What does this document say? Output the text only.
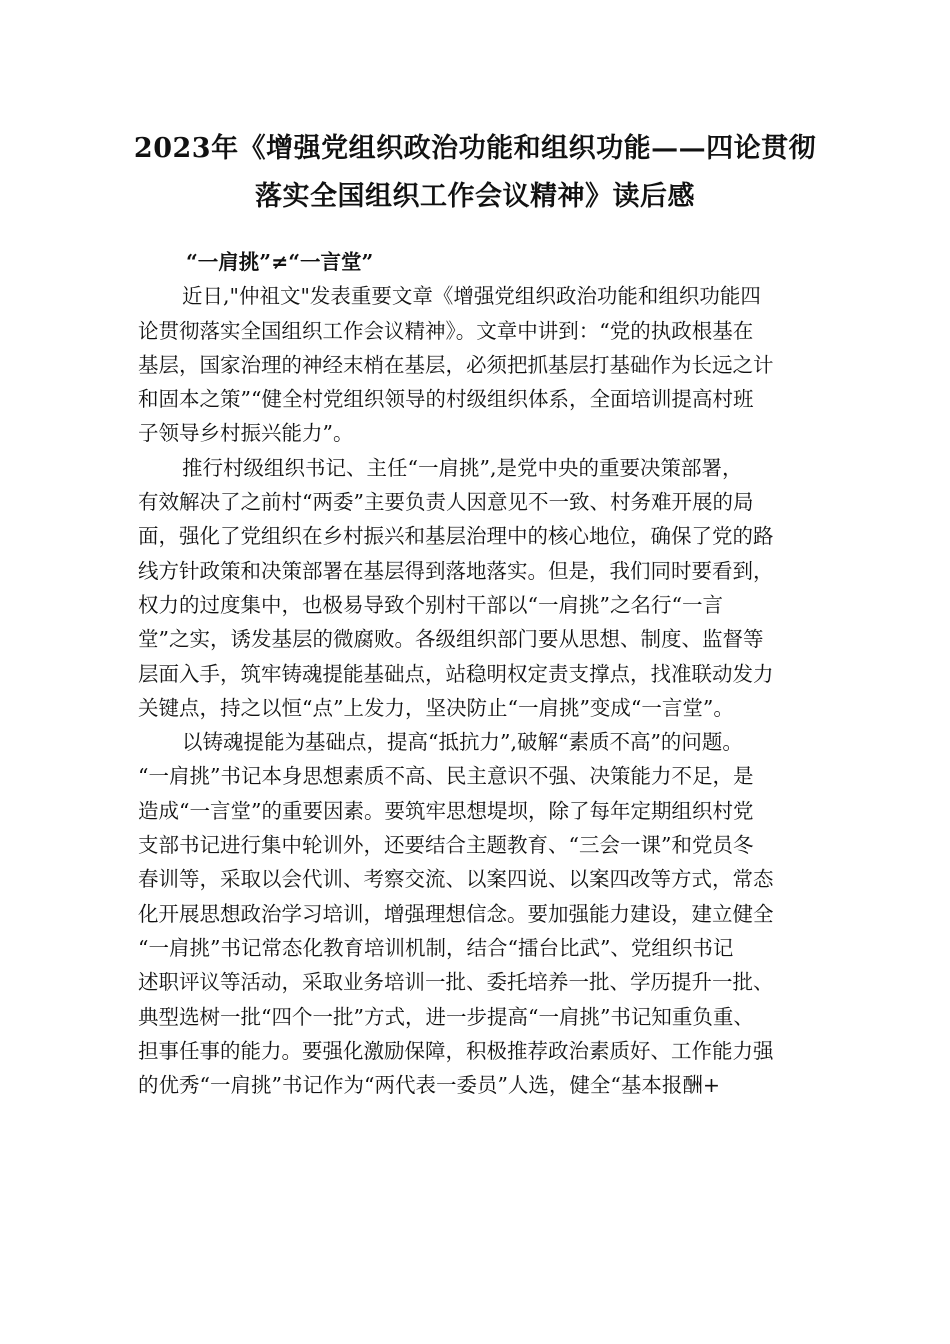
2023年《增强党组织政治功能和组织功能——四论贯彻
落实全国组织工作会议精神》读后感
“一肩挑”≠“一言堂”
近日,"仲祖文"发表重要文章《增强党组织政治功能和组织功能四
论贯彻落实全国组织工作会议精神》。文章中讲到：“党的执政根基在
基层，国家治理的神经末梢在基层，必须把抓基层打基础作为长远之计
和固本之策”“健全村党组织领导的村级组织体系，全面培训提高村班
子领导乡村振兴能力”。
推行村级组织书记、主任“一肩挑”,是党中央的重要决策部署，
有效解决了之前村“两委”主要负责人因意见不一致、村务难开展的局
面，强化了党组织在乡村振兴和基层治理中的核心地位，确保了党的路
线方针政策和决策部署在基层得到落地落实。但是，我们同时要看到，
权力的过度集中，也极易导致个别村干部以“一肩挑”之名行“一言
堂”之实，诱发基层的微腐败。各级组织部门要从思想、制度、监督等
层面入手，筑牢铸魂提能基础点，站稳明权定责支撑点，找准联动发力
关键点，持之以恒“点”上发力，坚决防止“一肩挑”变成“一言堂”。
以铸魂提能为基础点，提高“抵抗力”,破解“素质不高”的问题。
“一肩挑”书记本身思想素质不高、民主意识不强、决策能力不足，是
造成“一言堂”的重要因素。要筑牢思想堤坝，除了每年定期组织村党
支部书记进行集中轮训外，还要结合主题教育、“三会一课”和党员冬
春训等，采取以会代训、考察交流、以案四说、以案四改等方式，常态
化开展思想政治学习培训，增强理想信念。要加强能力建设，建立健全
“一肩挑”书记常态化教育培训机制，结合“擂台比武”、党组织书记
述职评议等活动，采取业务培训一批、委托培养一批、学历提升一批、
典型选树一批“四个一批”方式，进一步提高“一肩挑”书记知重负重、
担事任事的能力。要强化激励保障，积极推荐政治素质好、工作能力强
的优秀“一肩挑”书记作为“两代表一委员”人选，健全“基本报酬+
